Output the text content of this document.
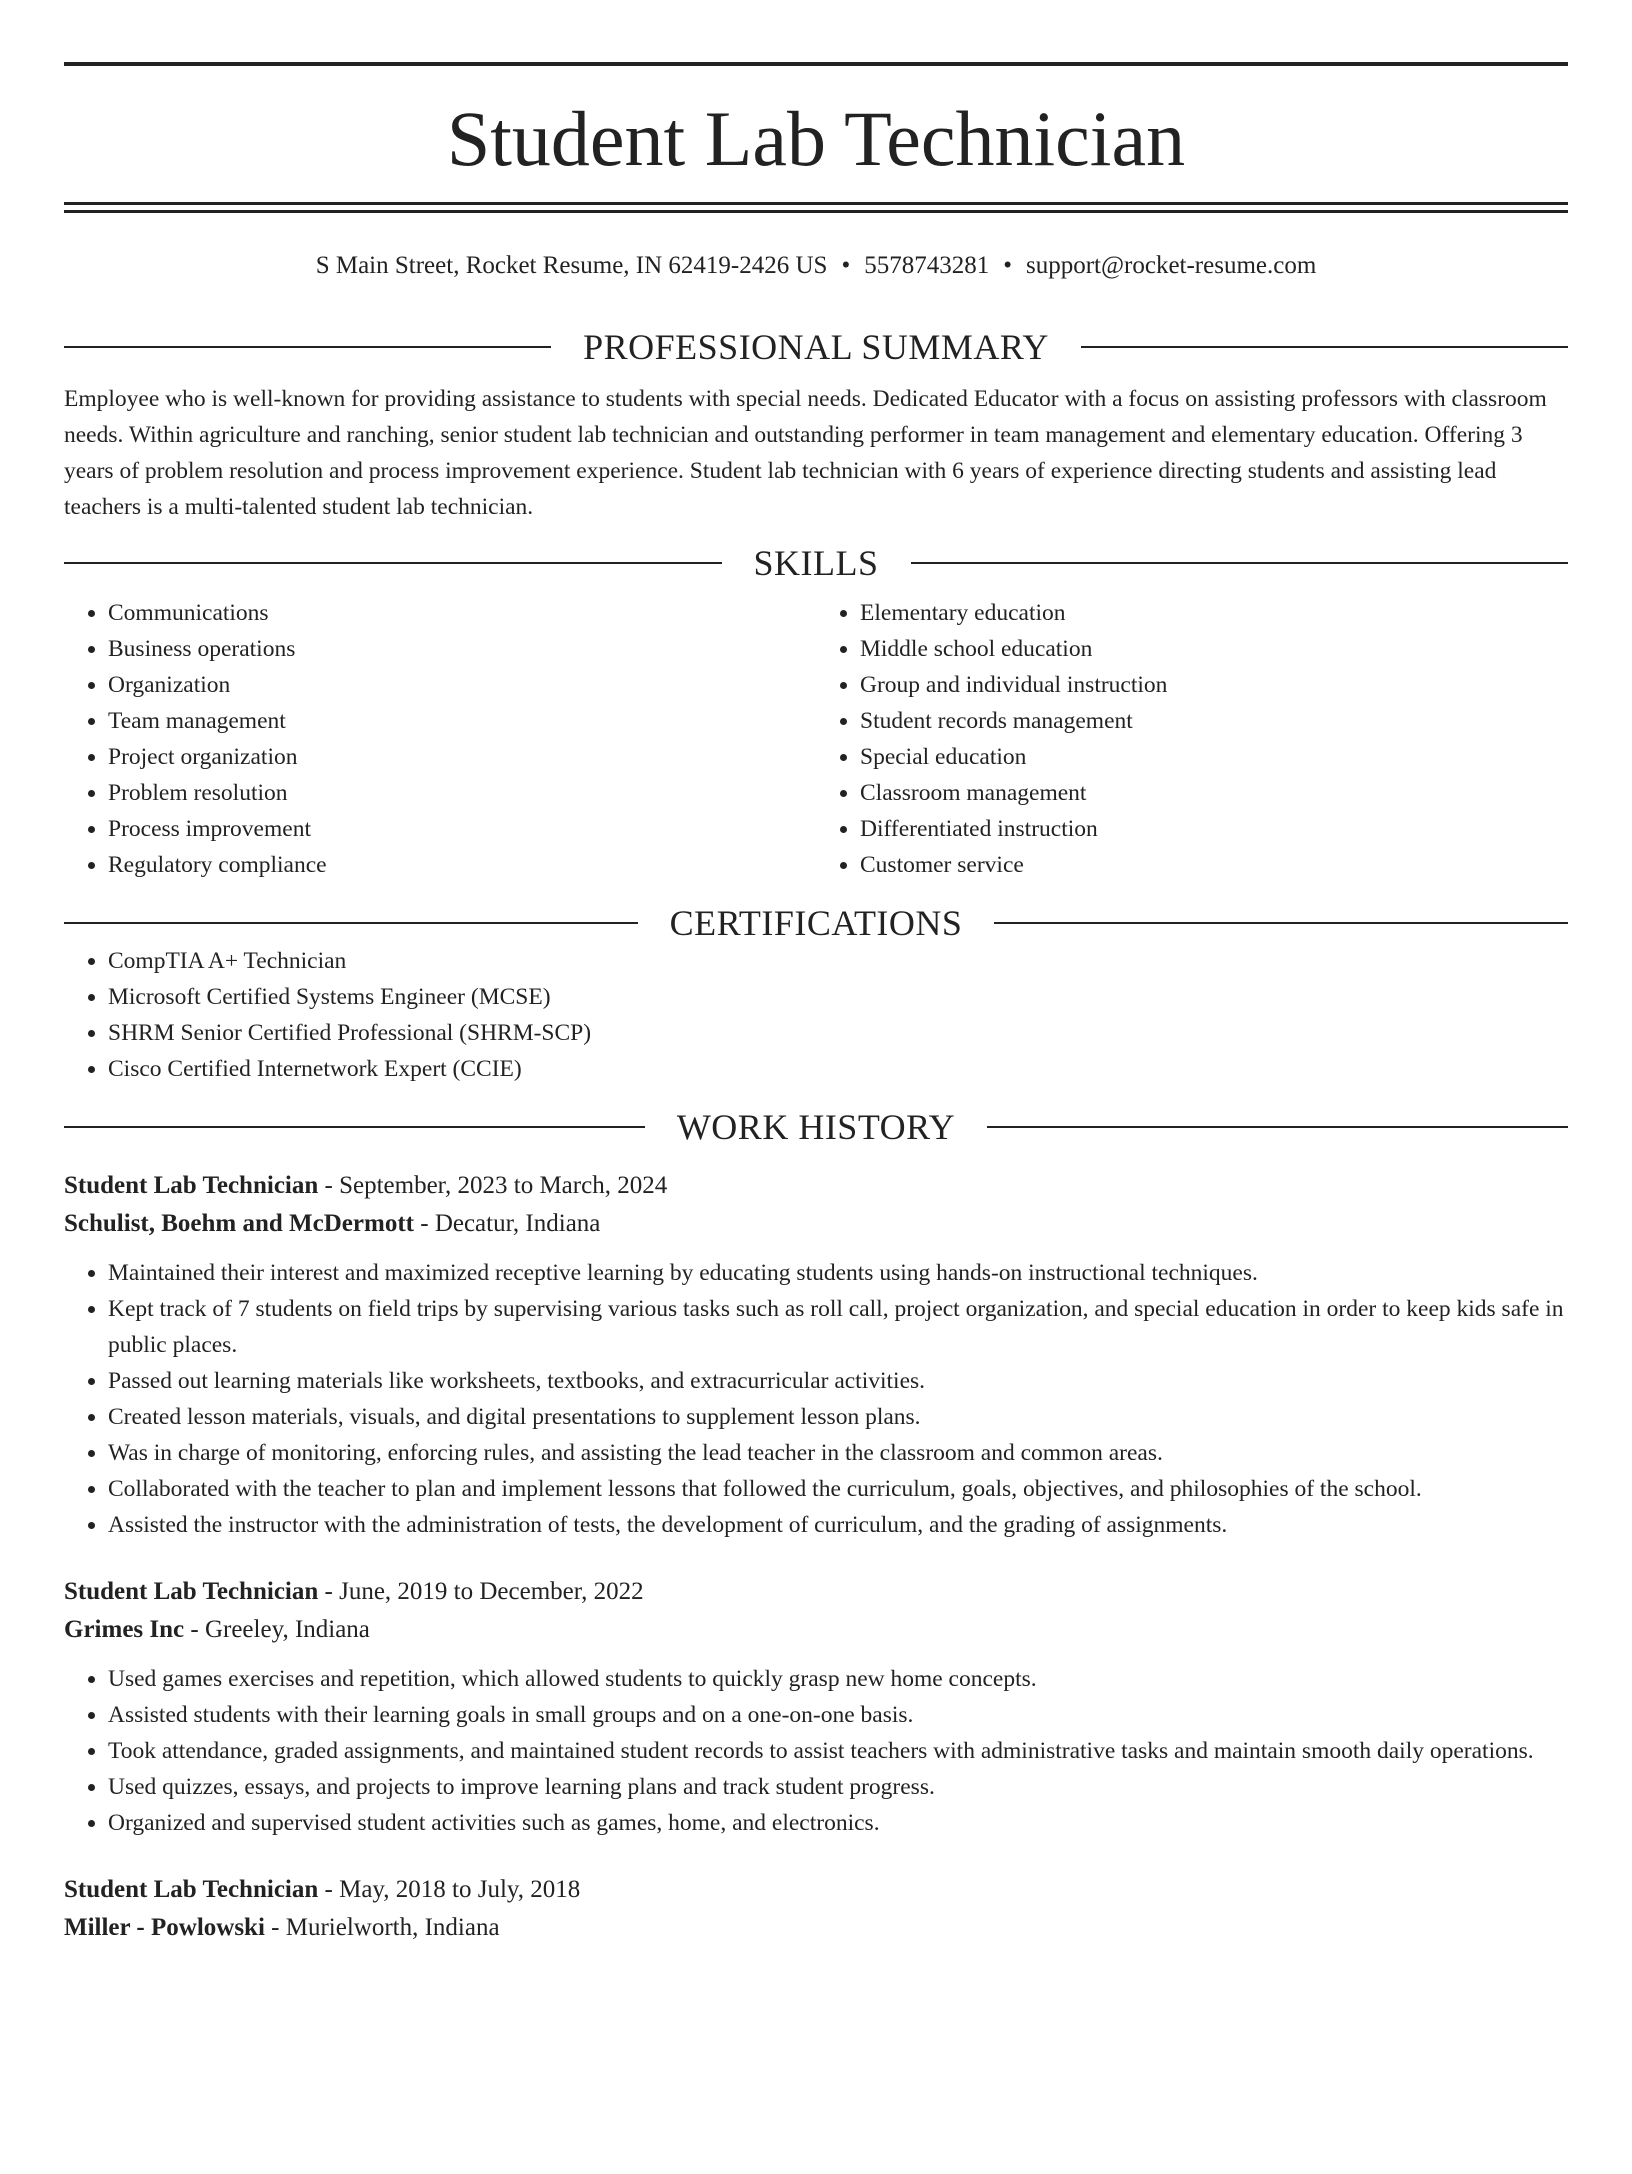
Student Lab Technician
S Main Street, Rocket Resume, IN 62419-2426 US • 5578743281 • support@rocket-resume.com
PROFESSIONAL SUMMARY
Employee who is well-known for providing assistance to students with special needs. Dedicated Educator with a focus on assisting professors with classroom needs. Within agriculture and ranching, senior student lab technician and outstanding performer in team management and elementary education. Offering 3 years of problem resolution and process improvement experience. Student lab technician with 6 years of experience directing students and assisting lead teachers is a multi-talented student lab technician.
SKILLS
• Communications
• Business operations
• Organization
• Team management
• Project organization
• Problem resolution
• Process improvement
• Regulatory compliance
• Elementary education
• Middle school education
• Group and individual instruction
• Student records management
• Special education
• Classroom management
• Differentiated instruction
• Customer service
CERTIFICATIONS
• CompTIA A+ Technician
• Microsoft Certified Systems Engineer (MCSE)
• SHRM Senior Certified Professional (SHRM-SCP)
• Cisco Certified Internetwork Expert (CCIE)
WORK HISTORY
Student Lab Technician - September, 2023 to March, 2024
Schulist, Boehm and McDermott - Decatur, Indiana
• Maintained their interest and maximized receptive learning by educating students using hands-on instructional techniques.
• Kept track of 7 students on field trips by supervising various tasks such as roll call, project organization, and special education in order to keep kids safe in public places.
• Passed out learning materials like worksheets, textbooks, and extracurricular activities.
• Created lesson materials, visuals, and digital presentations to supplement lesson plans.
• Was in charge of monitoring, enforcing rules, and assisting the lead teacher in the classroom and common areas.
• Collaborated with the teacher to plan and implement lessons that followed the curriculum, goals, objectives, and philosophies of the school.
• Assisted the instructor with the administration of tests, the development of curriculum, and the grading of assignments.
Student Lab Technician - June, 2019 to December, 2022
Grimes Inc - Greeley, Indiana
• Used games exercises and repetition, which allowed students to quickly grasp new home concepts.
• Assisted students with their learning goals in small groups and on a one-on-one basis.
• Took attendance, graded assignments, and maintained student records to assist teachers with administrative tasks and maintain smooth daily operations.
• Used quizzes, essays, and projects to improve learning plans and track student progress.
• Organized and supervised student activities such as games, home, and electronics.
Student Lab Technician - May, 2018 to July, 2018
Miller - Powlowski - Murielworth, Indiana
